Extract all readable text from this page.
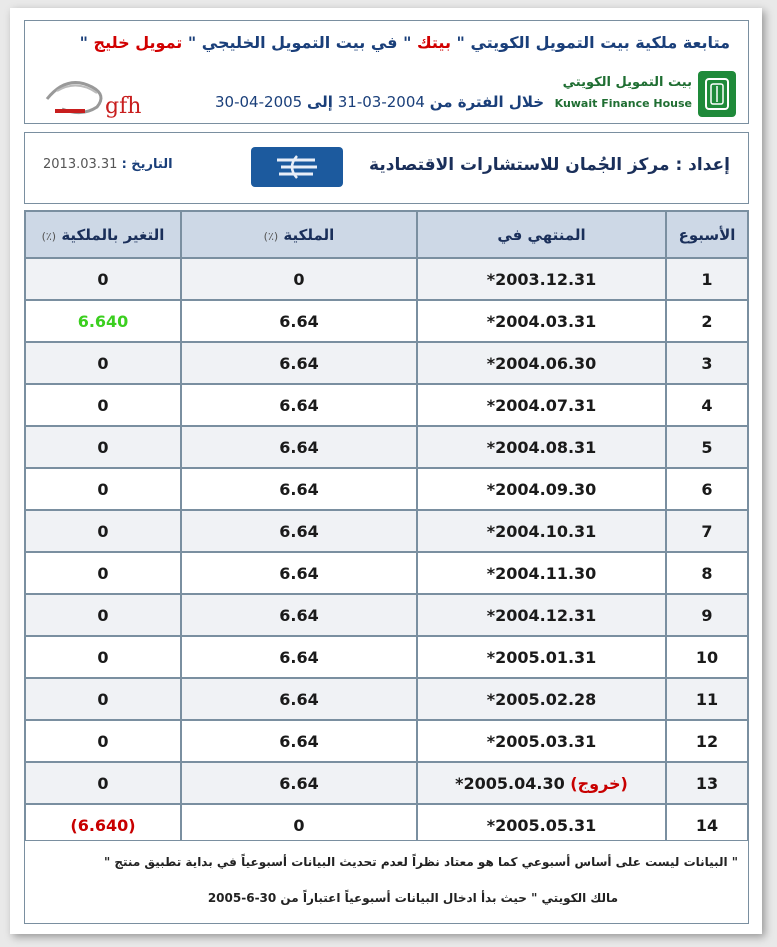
متابعة ملكية بيت التمويل الكويتي " بيتك " في بيت التمويل الخليجي " تمويل خليج "
بيت التمويل الكويتي
Kuwait Finance House
خلال الفترة من 2004-03-31 إلى 2005-04-30
gfh
إعداد : مركز الجُمان للاستشارات الاقتصادية
التاريخ : 2013.03.31
الأسبوع	المنتهي في	الملكية (٪)	التغير بالملكية (٪)
1	2003.12.31*	0	0
2	2004.03.31*	6.64	6.640
3	2004.06.30*	6.64	0
4	2004.07.31*	6.64	0
5	2004.08.31*	6.64	0
6	2004.09.30*	6.64	0
7	2004.10.31*	6.64	0
8	2004.11.30*	6.64	0
9	2004.12.31*	6.64	0
10	2005.01.31*	6.64	0
11	2005.02.28*	6.64	0
12	2005.03.31*	6.64	0
13	(خروج) 2005.04.30*	6.64	0
14	2005.05.31*	0	(6.640)
" البيانات ليست على أساس أسبوعي كما هو معتاد نظراً لعدم تحديث البيانات أسبوعياً في بداية تطبيق منتج "
مالك الكويتي " حيث بدأ ادخال البيانات أسبوعياً اعتباراً من 30-6-2005
